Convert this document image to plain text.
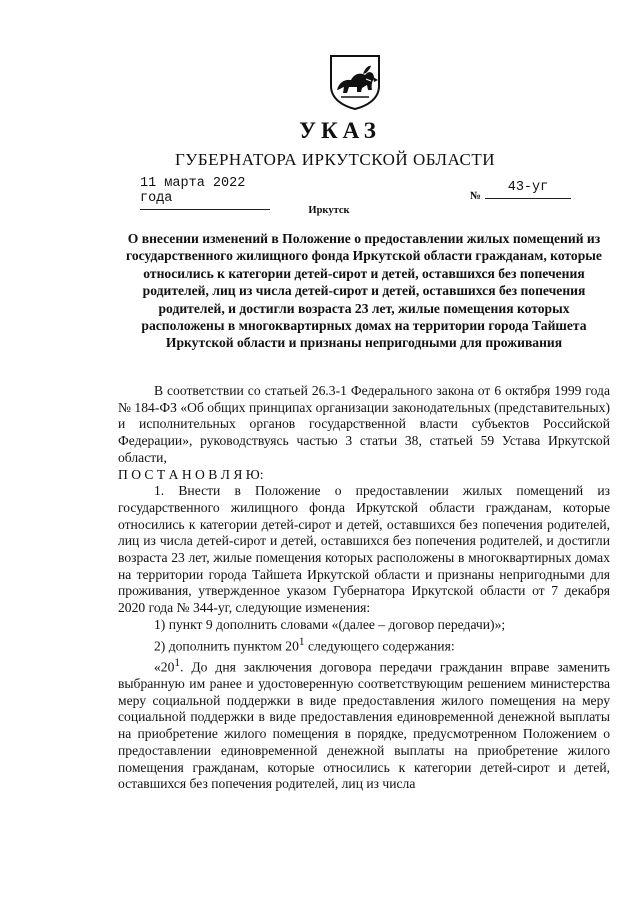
УКАЗ
ГУБЕРНАТОРА ИРКУТСКОЙ ОБЛАСТИ
11 марта 2022 года	№
43-уг
Иркутск
О внесении изменений в Положение о предоставлении жилых помещений из государственного жилищного фонда Иркутской области гражданам, которые относились к категории детей-сирот и детей, оставшихся без попечения родителей, лиц из числа детей-сирот и детей, оставшихся без попечения родителей, и достигли возраста 23 лет, жилые помещения которых расположены в многоквартирных домах на территории города Тайшета Иркутской области и признаны непригодными для проживания

В соответствии со статьей 26.3-1 Федерального закона от 6 октября 1999 года № 184-ФЗ «Об общих принципах организации законодательных (представительных) и исполнительных органов государственной власти субъектов Российской Федерации», руководствуясь частью 3 статьи 38, статьей 59 Устава Иркутской области,

П О С Т А Н О В Л Я Ю:

1. Внести в Положение о предоставлении жилых помещений из государственного жилищного фонда Иркутской области гражданам, которые относились к категории детей-сирот и детей, оставшихся без попечения родителей, лиц из числа детей-сирот и детей, оставшихся без попечения родителей, и достигли возраста 23 лет, жилые помещения которых расположены в многоквартирных домах на территории города Тайшета Иркутской области и признаны непригодными для проживания, утвержденное указом Губернатора Иркутской области от 7 декабря 2020 года № 344-уг, следующие изменения:

1) пункт 9 дополнить словами «(далее – договор передачи)»;

2) дополнить пунктом $20^1$ следующего содержания:

«$20^1$. До дня заключения договора передачи гражданин вправе заменить выбранную им ранее и удостоверенную соответствующим решением министерства меру социальной поддержки в виде предоставления жилого помещения на меру социальной поддержки в виде предоставления единовременной денежной выплаты на приобретение жилого помещения в порядке, предусмотренном Положением о предоставлении единовременной денежной выплаты на приобретение жилого помещения гражданам, которые относились к категории детей-сирот и детей, оставшихся без попечения родителей, лиц из числа
